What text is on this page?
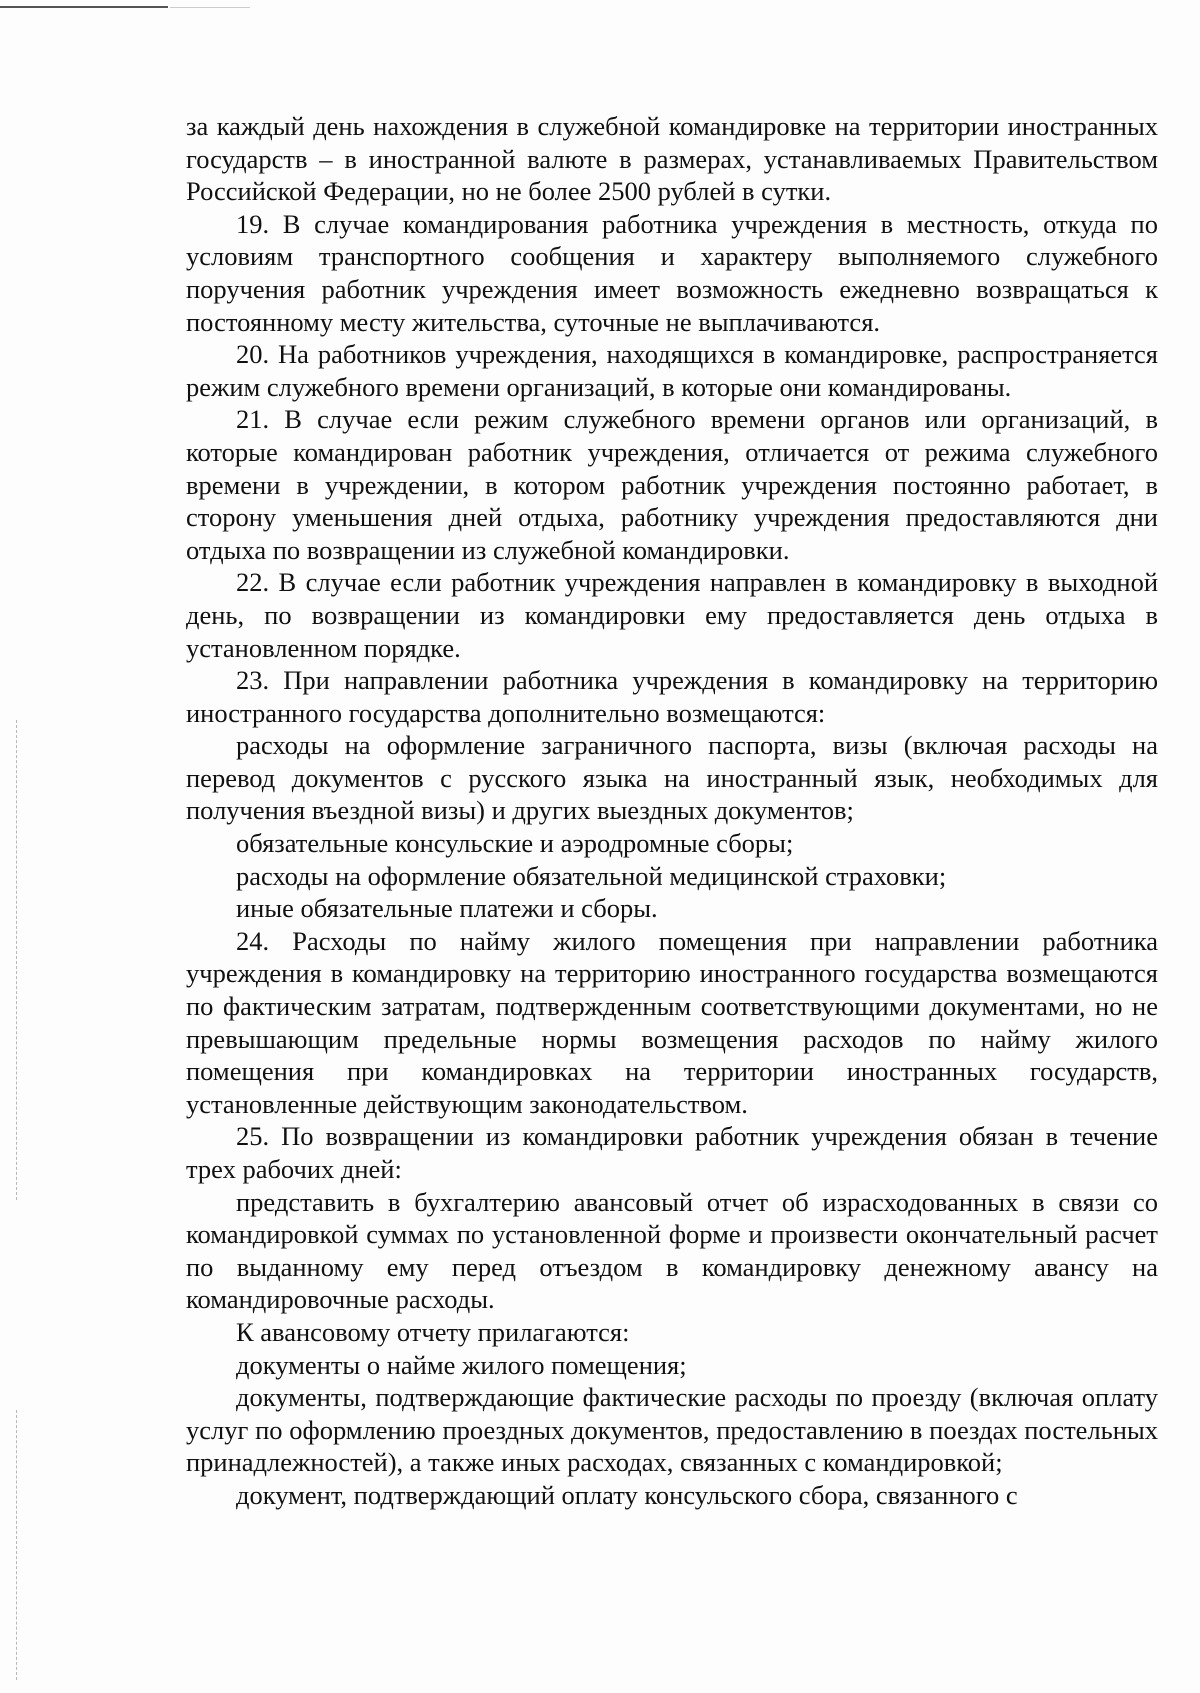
за каждый день нахождения в служебной командировке на территории иностранных государств – в иностранной валюте в размерах, устанавливаемых Правительством Российской Федерации, но не более 2500 рублей в сутки.

19. В случае командирования работника учреждения в местность, откуда по условиям транспортного сообщения и характеру выполняемого служебного поручения работник учреждения имеет возможность ежедневно возвращаться к постоянному месту жительства, суточные не выплачиваются.

20. На работников учреждения, находящихся в командировке, распространяется режим служебного времени организаций, в которые они командированы.

21. В случае если режим служебного времени органов или организаций, в которые командирован работник учреждения, отличается от режима служебного времени в учреждении, в котором работник учреждения постоянно работает, в сторону уменьшения дней отдыха, работнику учреждения предоставляются дни отдыха по возвращении из служебной командировки.

22. В случае если работник учреждения направлен в командировку в выходной день, по возвращении из командировки ему предоставляется день отдыха в установленном порядке.

23. При направлении работника учреждения в командировку на территорию иностранного государства дополнительно возмещаются:

расходы на оформление заграничного паспорта, визы (включая расходы на перевод документов с русского языка на иностранный язык, необходимых для получения въездной визы) и других выездных документов;

обязательные консульские и аэродромные сборы;

расходы на оформление обязательной медицинской страховки;

иные обязательные платежи и сборы.

24. Расходы по найму жилого помещения при направлении работника учреждения в командировку на территорию иностранного государства возмещаются по фактическим затратам, подтвержденным соответствующими документами, но не превышающим предельные нормы возмещения расходов по найму жилого помещения при командировках на территории иностранных государств, установленные действующим законодательством.

25. По возвращении из командировки работник учреждения обязан в течение трех рабочих дней:

представить в бухгалтерию авансовый отчет об израсходованных в связи со командировкой суммах по установленной форме и произвести окончательный расчет по выданному ему перед отъездом в командировку денежному авансу на командировочные расходы.

К авансовому отчету прилагаются:

документы о найме жилого помещения;

документы, подтверждающие фактические расходы по проезду (включая оплату услуг по оформлению проездных документов, предоставлению в поездах постельных принадлежностей), а также иных расходах, связанных с командировкой;

документ, подтверждающий оплату консульского сбора, связанного с
